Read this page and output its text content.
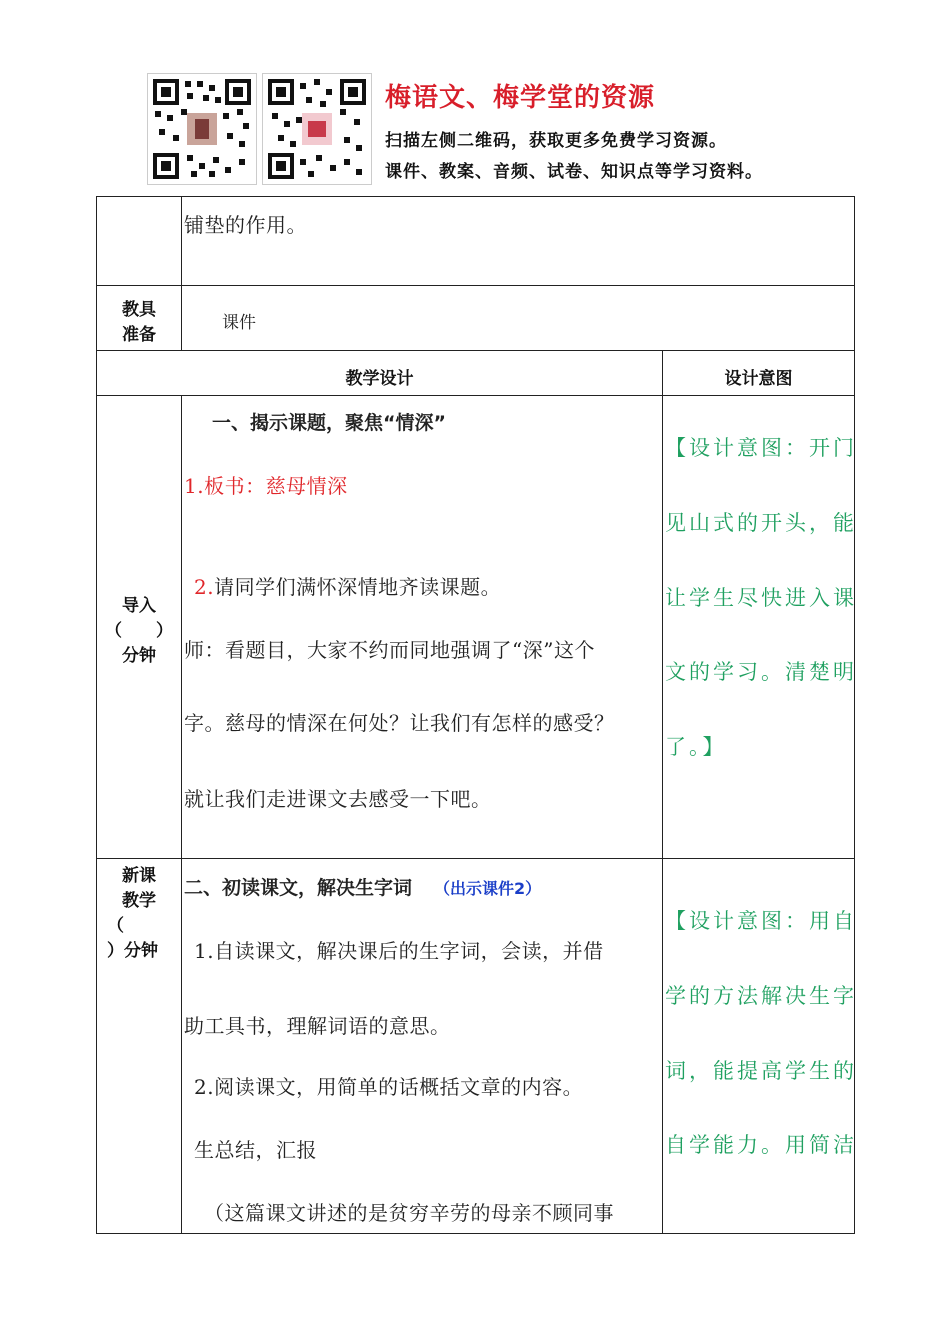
梅语文、梅学堂的资源
扫描左侧二维码，获取更多免费学习资源。
课件、教案、音频、试卷、知识点等学习资料。
铺垫的作用。
教具
准备
课件
教学设计	设计意图
导入
（　　）
分钟
一、揭示课题，聚焦“情深”
1.板书：慈母情深
2.请同学们满怀深情地齐读课题。
师：看题目，大家不约而同地强调了“深”这个
字。慈母的情深在何处？让我们有怎样的感受？
就让我们走进课文去感受一下吧。
【设计意图：开门
见山式的开头，能
让学生尽快进入课
文的学习。清楚明
了。】
新课
教学
（
）分钟
二、初读课文，解决生字词 （出示课件2）
1.自读课文，解决课后的生字词，会读，并借
助工具书，理解词语的意思。
2.阅读课文，用简单的话概括文章的内容。
生总结，汇报
（这篇课文讲述的是贫穷辛劳的母亲不顾同事
【设计意图：用自
学的方法解决生字
词，能提高学生的
自学能力。用简洁
